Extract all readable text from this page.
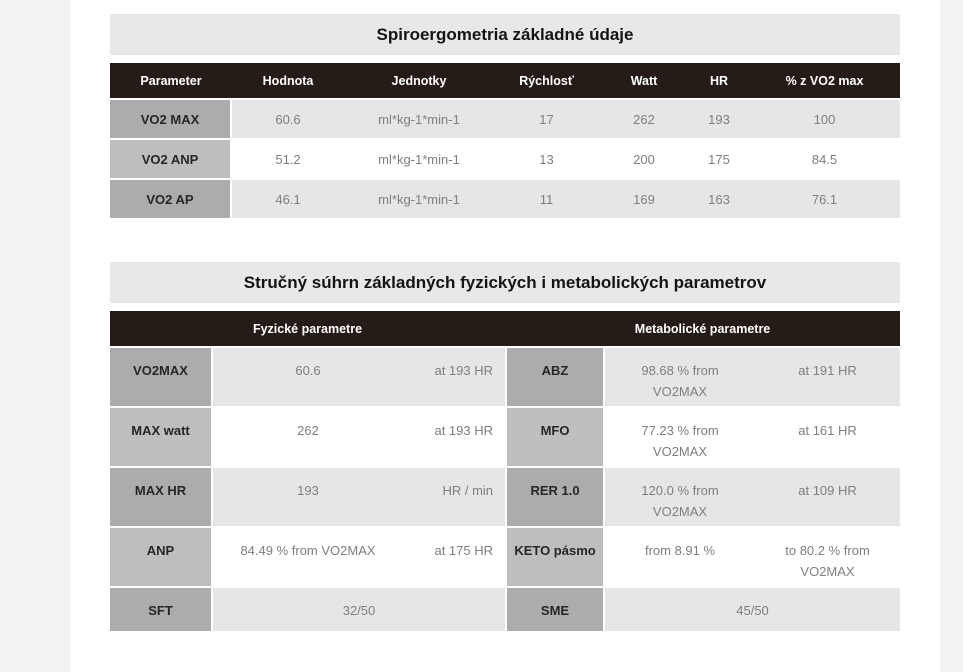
Spiroergometria základné údaje
Parameter	Hodnota	Jednotky	Rýchlosť	Watt	HR	% z VO2 max
VO2 MAX	60.6	ml*kg-1*min-1	17	262	193	100
VO2 ANP	51.2	ml*kg-1*min-1	13	200	175	84.5
VO2 AP	46.1	ml*kg-1*min-1	11	169	163	76.1
Stručný súhrn základných fyzických i metabolických parametrov
Fyzické parametre			Metabolické parametre		
VO2MAX	60.6	at 193 HR	ABZ	98.68 % from VO2MAX	at 191 HR
MAX watt	262	at 193 HR	MFO	77.23 % from VO2MAX	at 161 HR
MAX HR	193	HR / min	RER 1.0	120.0 % from VO2MAX	at 109 HR
ANP	84.49 % from VO2MAX	at 175 HR	KETO pásmo	from 8.91 %	to 80.2 % from VO2MAX
SFT	32/50		SME	45/50	
